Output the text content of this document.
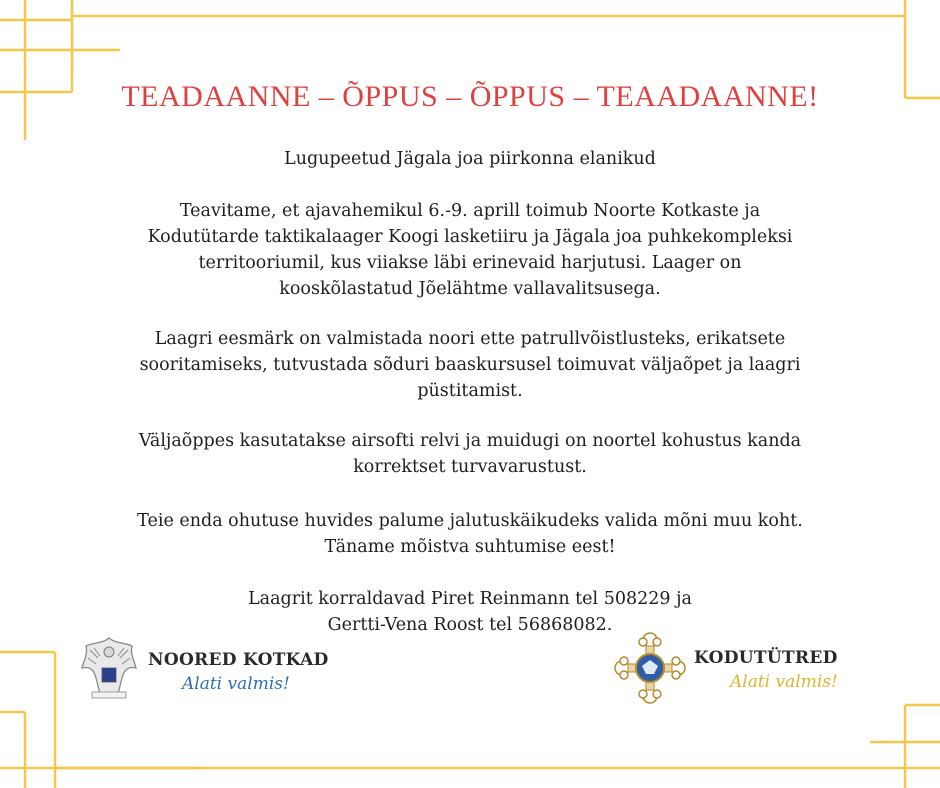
TEADAANNE – ÕPPUS – ÕPPUS – TEAADAANNE!
Lugupeetud Jägala joa piirkonna elanikud
Teavitame, et ajavahemikul 6.-9. aprill toimub Noorte Kotkaste ja
Kodutütarde taktikalaager Koogi lasketiiru ja Jägala joa puhkekompleksi
territooriumil, kus viiakse läbi erinevaid harjutusi. Laager on
kooskõlastatud Jõelähtme vallavalitsusega.
Laagri eesmärk on valmistada noori ette patrullvõistlusteks, erikatsete
sooritamiseks, tutvustada sõduri baaskursusel toimuvat väljaõpet ja laagri
püstitamist.
Väljaõppes kasutatakse airsofti relvi ja muidugi on noortel kohustus kanda
korrektset turvavarustust.
Teie enda ohutuse huvides palume jalutuskäikudeks valida mõni muu koht.
Täname mõistva suhtumise eest!
Laagrit korraldavad Piret Reinmann tel 508229 ja
Gertti-Vena Roost tel 56868082.
NOORED KOTKAD
Alati valmis!
KODUTÜTRED
Alati valmis!
